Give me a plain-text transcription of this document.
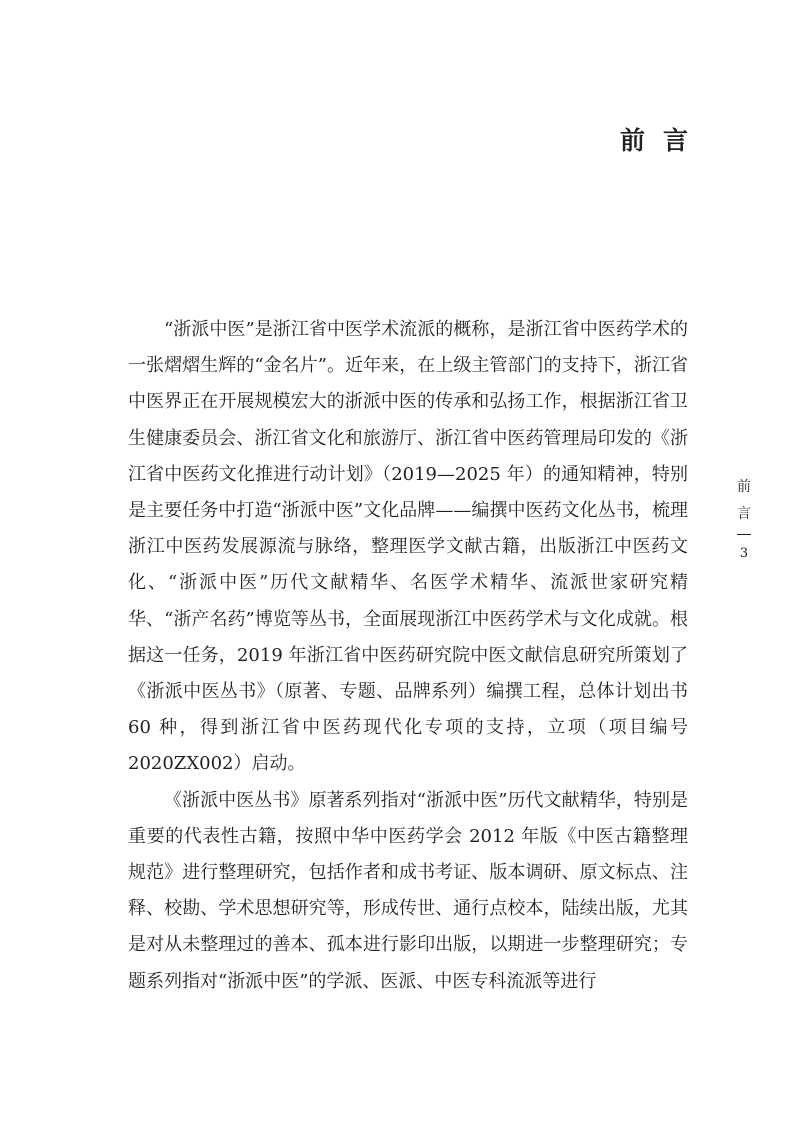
前言

“浙派中医”是浙江省中医学术流派的概称，是浙江省中医药学术的一张熠熠生辉的“金名片”。近年来，在上级主管部门的支持下，浙江省中医界正在开展规模宏大的浙派中医的传承和弘扬工作，根据浙江省卫生健康委员会、浙江省文化和旅游厅、浙江省中医药管理局印发的《浙江省中医药文化推进行动计划》（2019—2025 年）的通知精神，特别是主要任务中打造“浙派中医”文化品牌——编撰中医药文化丛书，梳理浙江中医药发展源流与脉络，整理医学文献古籍，出版浙江中医药文化、“浙派中医”历代文献精华、名医学术精华、流派世家研究精华、“浙产名药”博览等丛书，全面展现浙江中医药学术与文化成就。根据这一任务，2019 年浙江省中医药研究院中医文献信息研究所策划了《浙派中医丛书》（原著、专题、品牌系列）编撰工程，总体计划出书 60 种，得到浙江省中医药现代化专项的支持，立项（项目编号 2020ZX002）启动。

《浙派中医丛书》原著系列指对“浙派中医”历代文献精华，特别是重要的代表性古籍，按照中华中医药学会 2012 年版《中医古籍整理规范》进行整理研究，包括作者和成书考证、版本调研、原文标点、注释、校勘、学术思想研究等，形成传世、通行点校本，陆续出版，尤其是对从未整理过的善本、孤本进行影印出版，以期进一步整理研究；专题系列指对“浙派中医”的学派、医派、中医专科流派等进行

前
言
3
